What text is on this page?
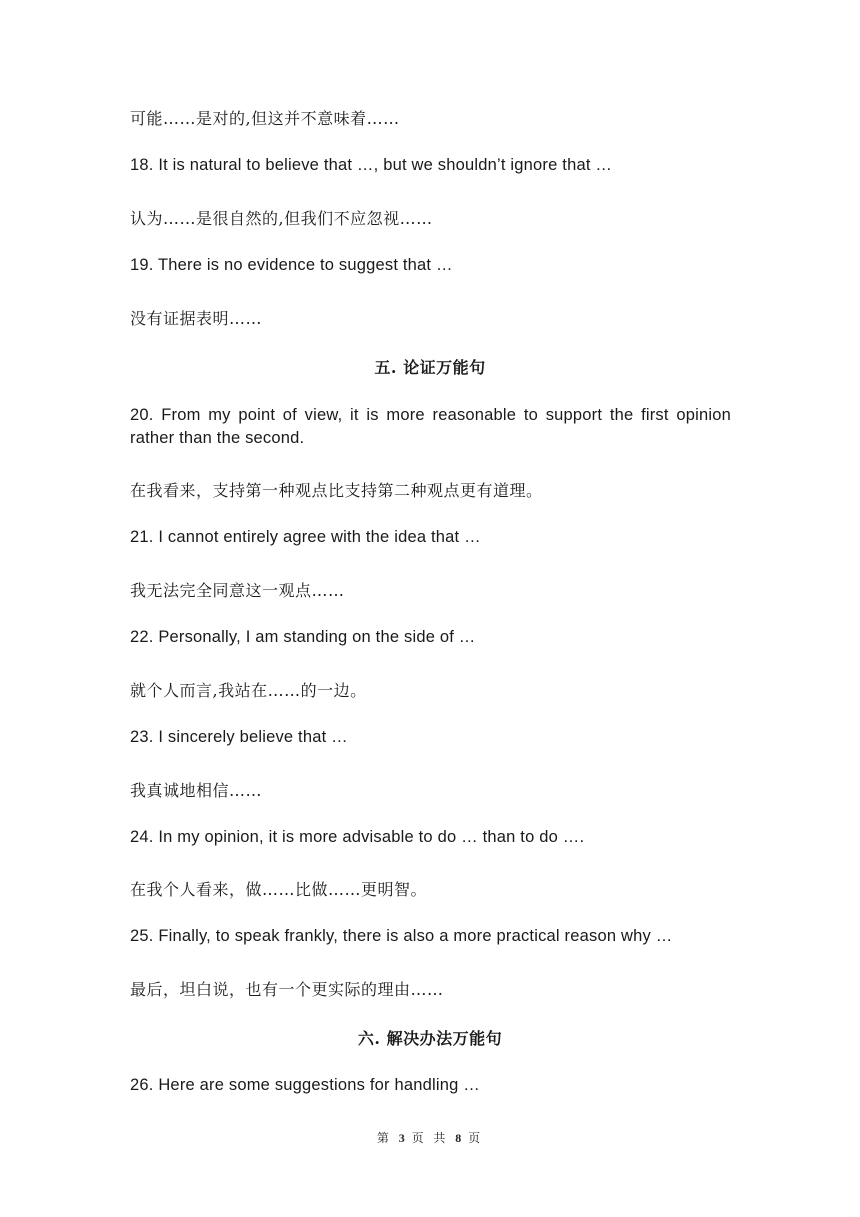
可能……是对的,但这并不意味着……
18. It is natural to believe that …, but we shouldn’t ignore that …
认为……是很自然的,但我们不应忽视……
19. There is no evidence to suggest that …
没有证据表明……
五. 论证万能句
20. From my point of view, it is more reasonable to support the first opinion rather than the second.
在我看来，支持第一种观点比支持第二种观点更有道理。
21. I cannot entirely agree with the idea that …
我无法完全同意这一观点……
22. Personally, I am standing on the side of …
就个人而言,我站在……的一边。
23. I sincerely believe that …
我真诚地相信……
24. In my opinion, it is more advisable to do … than to do ….
在我个人看来，做……比做……更明智。
25. Finally, to speak frankly, there is also a more practical reason why …
最后，坦白说，也有一个更实际的理由……
六. 解决办法万能句
26. Here are some suggestions for handling …
第 3 页 共 8 页
